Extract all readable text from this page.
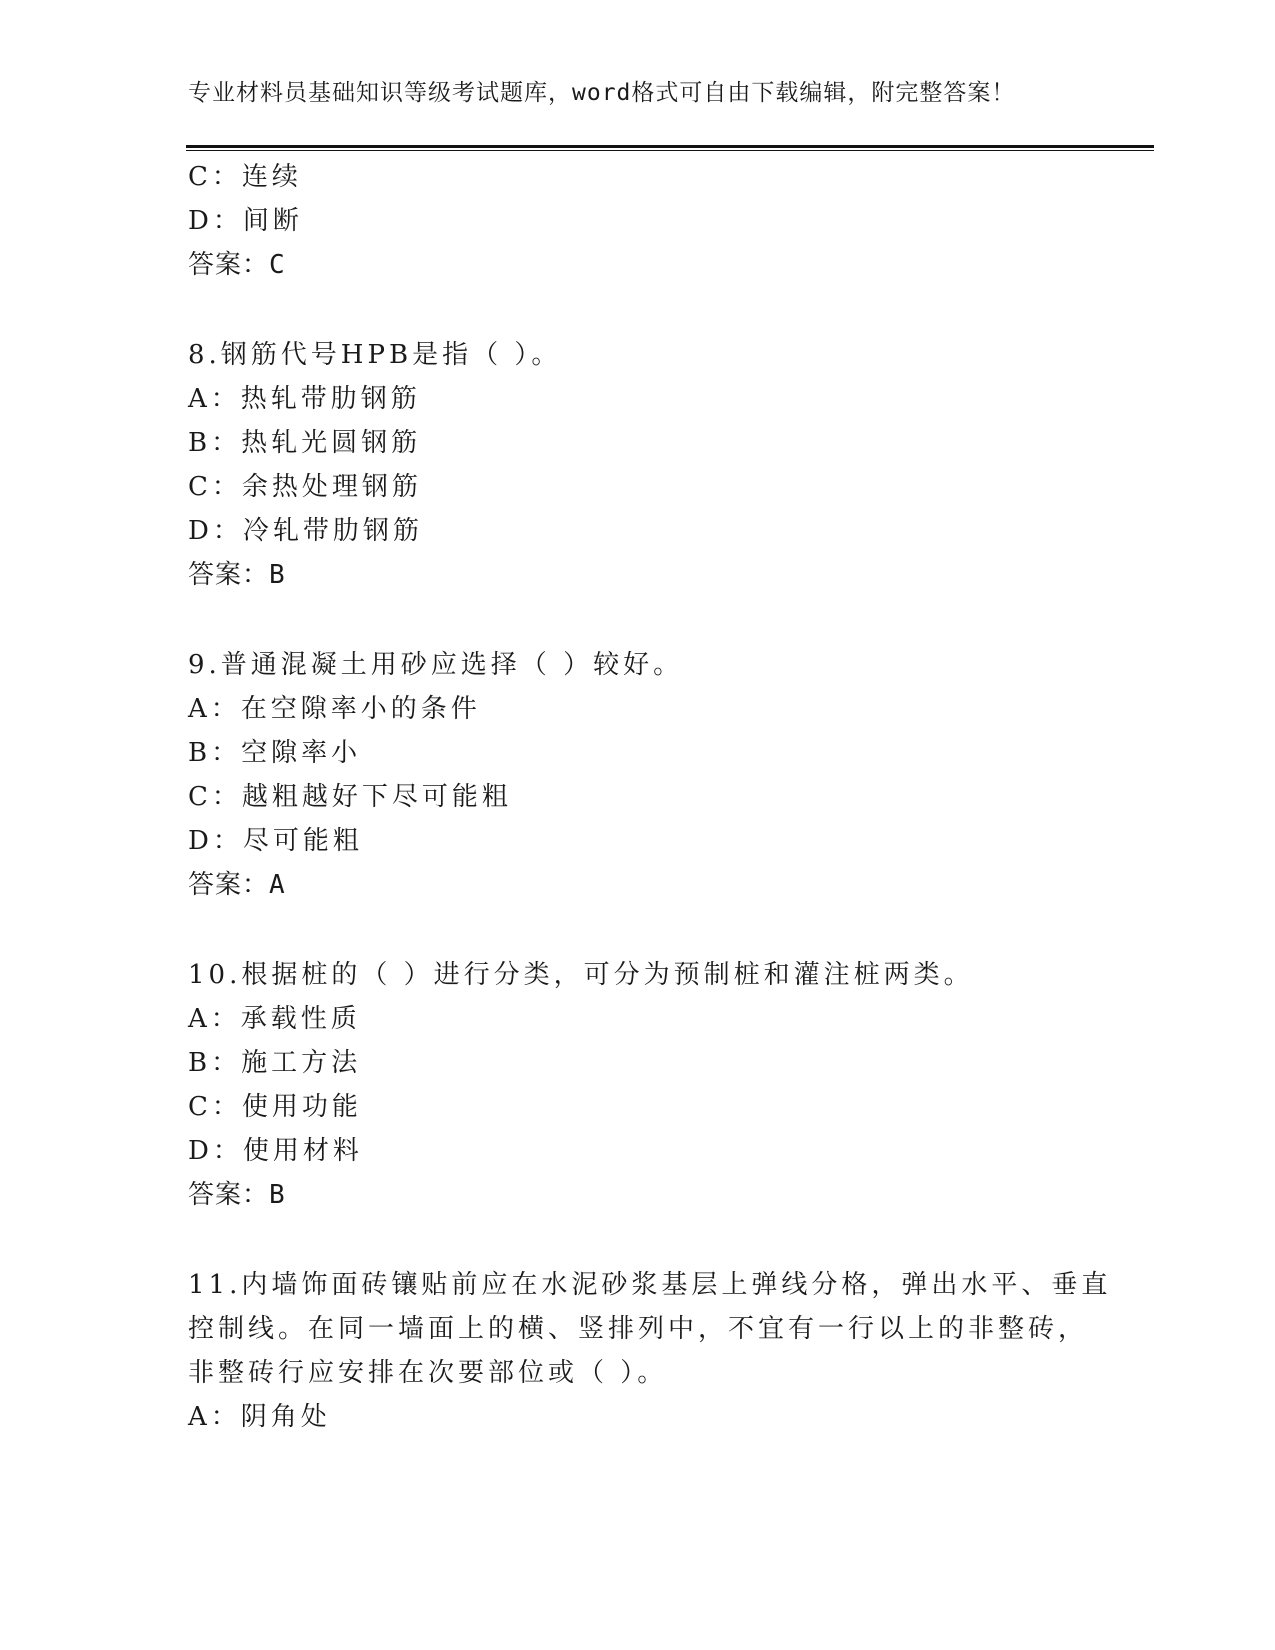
专业材料员基础知识等级考试题库，word格式可自由下载编辑，附完整答案！
C：连续
D：间断
答案：C
8.钢筋代号HPB是指（ ）。
A：热轧带肋钢筋
B：热轧光圆钢筋
C：余热处理钢筋
D：冷轧带肋钢筋
答案：B
9.普通混凝土用砂应选择（ ）较好。
A：在空隙率小的条件
B：空隙率小
C：越粗越好下尽可能粗
D：尽可能粗
答案：A
10.根据桩的（ ）进行分类，可分为预制桩和灌注桩两类。
A：承载性质
B：施工方法
C：使用功能
D：使用材料
答案：B
11.内墙饰面砖镶贴前应在水泥砂浆基层上弹线分格，弹出水平、垂直
控制线。在同一墙面上的横、竖排列中，不宜有一行以上的非整砖，
非整砖行应安排在次要部位或（ ）。
A：阴角处
